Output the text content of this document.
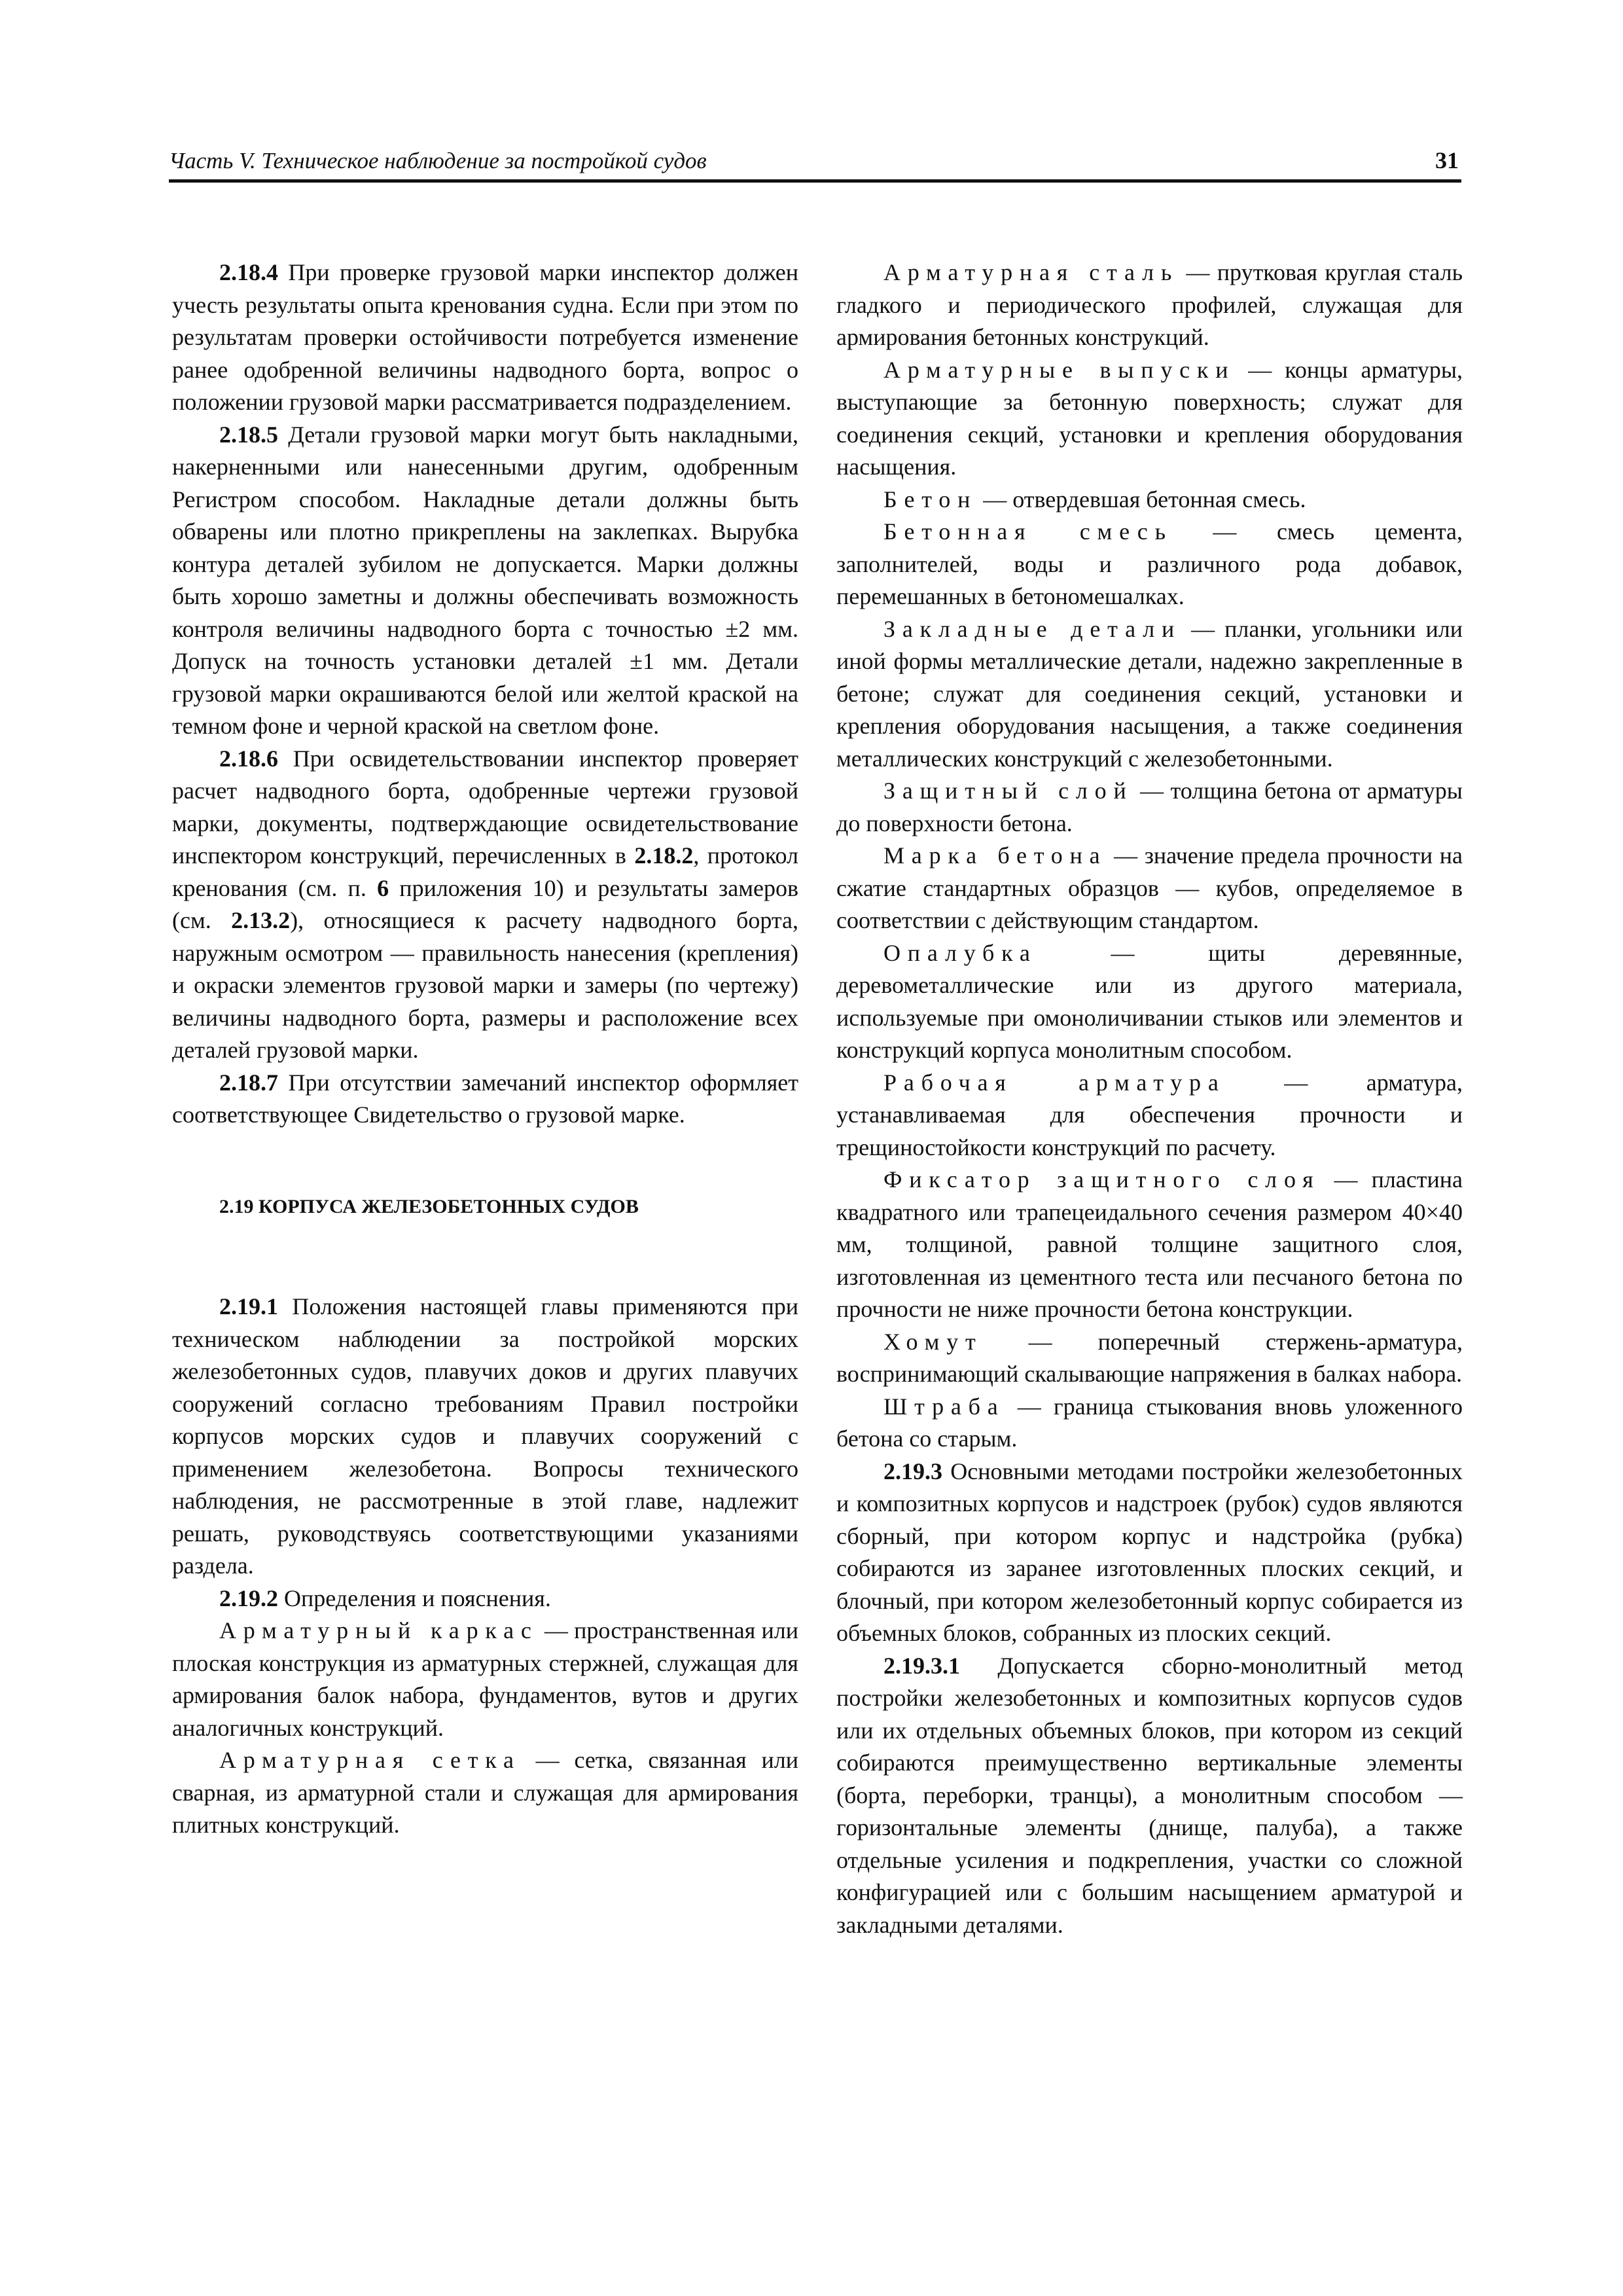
Часть V. Техническое наблюдение за постройкой судов	31

2.18.4 При проверке грузовой марки инспектор должен учесть результаты опыта кренования судна. Если при этом по результатам проверки остойчивости потребуется изменение ранее одобренной величины надводного борта, вопрос о положении грузовой марки рассматривается подразделением.

2.18.5 Детали грузовой марки могут быть накладными, накерненными или нанесенными другим, одобренным Регистром способом. Накладные детали должны быть обварены или плотно прикреплены на заклепках. Вырубка контура деталей зубилом не допускается. Марки должны быть хорошо заметны и должны обеспечивать возможность контроля величины надводного борта с точностью ±2 мм. Допуск на точность установки деталей ±1 мм. Детали грузовой марки окрашиваются белой или желтой краской на темном фоне и черной краской на светлом фоне.

2.18.6 При освидетельствовании инспектор проверяет расчет надводного борта, одобренные чертежи грузовой марки, документы, подтверждающие освидетельствование инспектором конструкций, перечисленных в 2.18.2, протокол кренования (см. п. 6 приложения 10) и результаты замеров (см. 2.13.2), относящиеся к расчету надводного борта, наружным осмотром — правильность нанесения (крепления) и окраски элементов грузовой марки и замеры (по чертежу) величины надводного борта, размеры и расположение всех деталей грузовой марки.

2.18.7 При отсутствии замечаний инспектор оформляет соответствующее Свидетельство о грузовой марке.

2.19 КОРПУСА ЖЕЛЕЗОБЕТОННЫХ СУДОВ

2.19.1 Положения настоящей главы применяются при техническом наблюдении за постройкой морских железобетонных судов, плавучих доков и других плавучих сооружений согласно требованиям Правил постройки корпусов морских судов и плавучих сооружений с применением железобетона. Вопросы технического наблюдения, не рассмотренные в этой главе, надлежит решать, руководствуясь соответствующими указаниями раздела.

2.19.2 Определения и пояснения.

Арматурный каркас — пространственная или плоская конструкция из арматурных стержней, служащая для армирования балок набора, фундаментов, вутов и других аналогичных конструкций.

Арматурная сетка — сетка, связанная или сварная, из арматурной стали и служащая для армирования плитных конструкций.

Арматурная сталь — прутковая круглая сталь гладкого и периодического профилей, служащая для армирования бетонных конструкций.

Арматурные выпуски — концы арматуры, выступающие за бетонную поверхность; служат для соединения секций, установки и крепления оборудования насыщения.

Бетон — отвердевшая бетонная смесь.

Бетонная смесь — смесь цемента, заполнителей, воды и различного рода добавок, перемешанных в бетономешалках.

Закладные детали — планки, угольники или иной формы металлические детали, надежно закрепленные в бетоне; служат для соединения секций, установки и крепления оборудования насыщения, а также соединения металлических конструкций с железобетонными.

Защитный слой — толщина бетона от арматуры до поверхности бетона.

Марка бетона — значение предела прочности на сжатие стандартных образцов — кубов, определяемое в соответствии с действующим стандартом.

Опалубка — щиты деревянные, деревометаллические или из другого материала, используемые при омоноличивании стыков или элементов и конструкций корпуса монолитным способом.

Рабочая арматура — арматура, устанавливаемая для обеспечения прочности и трещиностойкости конструкций по расчету.

Фиксатор защитного слоя — пластина квадратного или трапецеидального сечения размером 40×40 мм, толщиной, равной толщине защитного слоя, изготовленная из цементного теста или песчаного бетона по прочности не ниже прочности бетона конструкции.

Хомут — поперечный стержень-арматура, воспринимающий скалывающие напряжения в балках набора.

Штраба — граница стыкования вновь уложенного бетона со старым.

2.19.3 Основными методами постройки железобетонных и композитных корпусов и надстроек (рубок) судов являются сборный, при котором корпус и надстройка (рубка) собираются из заранее изготовленных плоских секций, и блочный, при котором железобетонный корпус собирается из объемных блоков, собранных из плоских секций.

2.19.3.1 Допускается сборно-монолитный метод постройки железобетонных и композитных корпусов судов или их отдельных объемных блоков, при котором из секций собираются преимущественно вертикальные элементы (борта, переборки, транцы), а монолитным способом — горизонтальные элементы (днище, палуба), а также отдельные усиления и подкрепления, участки со сложной конфигурацией или с большим насыщением арматурой и закладными деталями.
